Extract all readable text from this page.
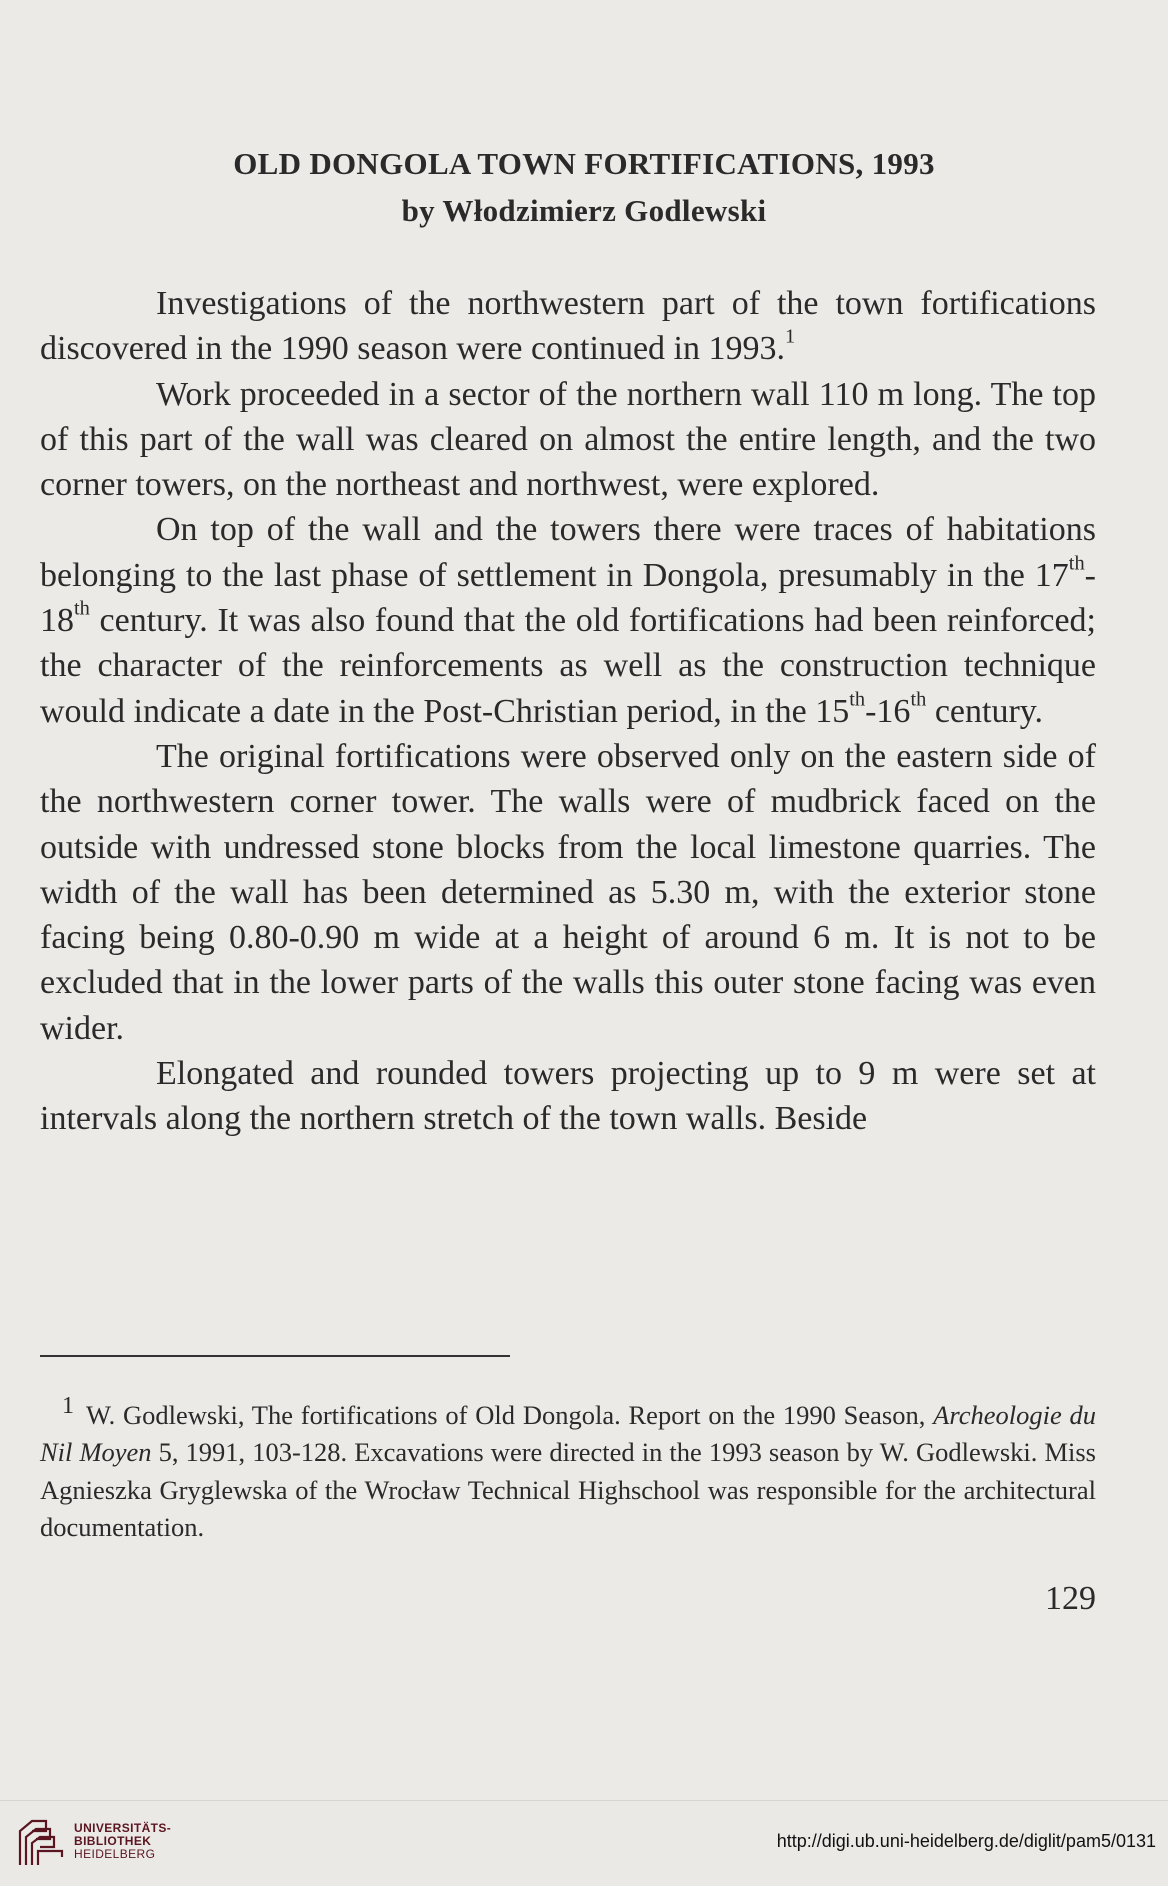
OLD DONGOLA TOWN FORTIFICATIONS, 1993
by Włodzimierz Godlewski

Investigations of the northwestern part of the town fortifications discovered in the 1990 season were continued in 1993.$^1$

Work proceeded in a sector of the northern wall 110 m long. The top of this part of the wall was cleared on almost the entire length, and the two corner towers, on the northeast and northwest, were explored.

On top of the wall and the towers there were traces of habitations belonging to the last phase of settlement in Dongola, presumably in the 17th-18th century. It was also found that the old fortifications had been reinforced; the character of the reinforcements as well as the construction technique would indicate a date in the Post-Christian period, in the 15th-16th century.

The original fortifications were observed only on the eastern side of the northwestern corner tower. The walls were of mudbrick faced on the outside with undressed stone blocks from the local limestone quarries. The width of the wall has been determined as 5.30 m, with the exterior stone facing being 0.80-0.90 m wide at a height of around 6 m. It is not to be excluded that in the lower parts of the walls this outer stone facing was even wider.

Elongated and rounded towers projecting up to 9 m were set at intervals along the northern stretch of the town walls. Beside

1 W. Godlewski, The fortifications of Old Dongola. Report on the 1990 Season, Archeologie du Nil Moyen 5, 1991, 103-128. Excavations were directed in the 1993 season by W. Godlewski. Miss Agnieszka Gryglewska of the Wrocław Technical Highschool was responsible for the architectural documentation.

129
UNIVERSITÄTS-
BIBLIOTHEK
HEIDELBERG
http://digi.ub.uni-heidelberg.de/diglit/pam5/0131
